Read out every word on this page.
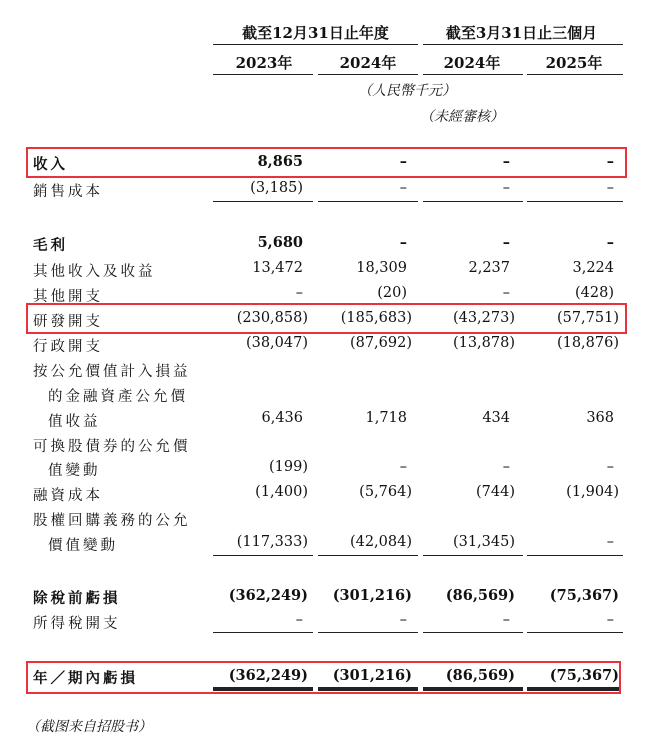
截至12月31日止年度	截至3月31日止三個月
2023年	2024年	2024年	2025年
（人民幣千元）
（未經審核）
收入	8,865	–	–	–
銷售成本	(3,185)	–	–	–
毛利	5,680	–	–	–
其他收入及收益	13,472	18,309	2,237	3,224
其他開支	–	(20)	–	(428)
研發開支	(230,858)	(185,683)	(43,273)	(57,751)
行政開支	(38,047)	(87,692)	(13,878)	(18,876)
按公允價值計入損益
的金融資產公允價
值收益	6,436	1,718	434	368
可換股債券的公允價
值變動	(199)	–	–	–
融資成本	(1,400)	(5,764)	(744)	(1,904)
股權回購義務的公允
價值變動	(117,333)	(42,084)	(31,345)	–
除稅前虧損	(362,249)	(301,216)	(86,569)	(75,367)
所得稅開支	–	–	–	–
年／期內虧損	(362,249)	(301,216)	(86,569)	(75,367)
（截图来自招股书）
